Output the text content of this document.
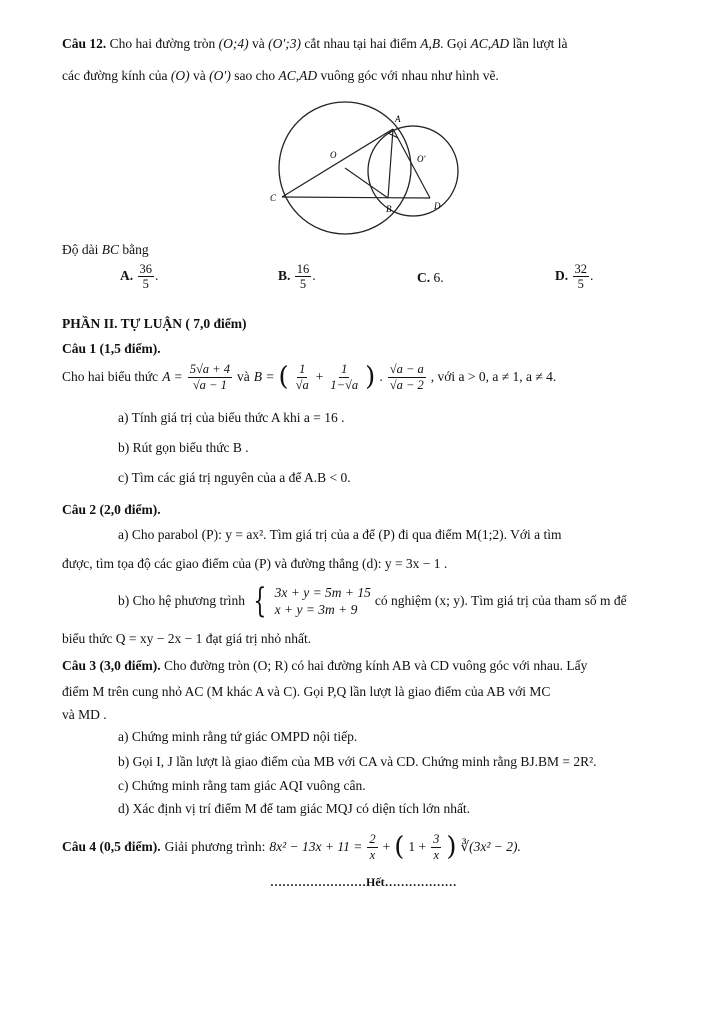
Câu 12. Cho hai đường tròn (O;4) và (O′;3) cắt nhau tại hai điểm A,B. Gọi AC,AD lần lượt là
các đường kính của (O) và (O′) sao cho AC,AD vuông góc với nhau như hình vẽ.
A
O	O′
C
B	D
Độ dài BC bằng
A. $\frac{36}{5}$ .	B. $\frac{16}{5}$ .	C. 6.	D. $\frac{32}{5}$ .
PHẦN II. TỰ LUẬN ( 7,0 điểm)
Câu 1 (1,5 điểm).
Cho hai biểu thức $A = \frac{5√a + 4}{√a - 1}$ và B = ( $\frac{1}{√a} + \frac{1}{1-√a}$ ) . $\frac{√a - a}{√a - 2}$ , với a > 0, a ≠ 1, a ≠ 4.
a) Tính giá trị của biểu thức A khi a = 16 .
b) Rút gọn biểu thức B .
c) Tìm các giá trị nguyên của a để A.B < 0.
Câu 2 (2,0 điểm).
a) Cho parabol (P): y = ax². Tìm giá trị của a để (P) đi qua điểm M(1;2). Với a tìm
được, tìm tọa độ các giao điểm của (P) và đường thẳng (d): y = 3x − 1 .
b) Cho hệ phương trình { 3x + y = 5m + 15
x + y = 3m + 9
có nghiệm (x; y). Tìm giá trị của tham số m để
biểu thức Q = xy − 2x − 1 đạt giá trị nhỏ nhất.
Câu 3 (3,0 điểm). Cho đường tròn (O; R) có hai đường kính AB và CD vuông góc với nhau. Lấy
điểm M trên cung nhỏ AC (M khác A và C). Gọi P,Q lần lượt là giao điểm của AB với MC
và MD .
a) Chứng minh rằng tứ giác OMPD nội tiếp.
b) Gọi I, J lần lượt là giao điểm của MB với CA và CD. Chứng minh rằng BJ.BM = 2R².
c) Chứng minh rằng tam giác AQI vuông cân.
d) Xác định vị trí điểm M để tam giác MQJ có diện tích lớn nhất.
Câu 4 (0,5 điểm). Giải phương trình: $8x^2 - 13x + 11 = \frac{2}{x}$ + ( $1 + \frac{3}{x}$ ) ∛(3x² − 2).
……………………Hết………………
